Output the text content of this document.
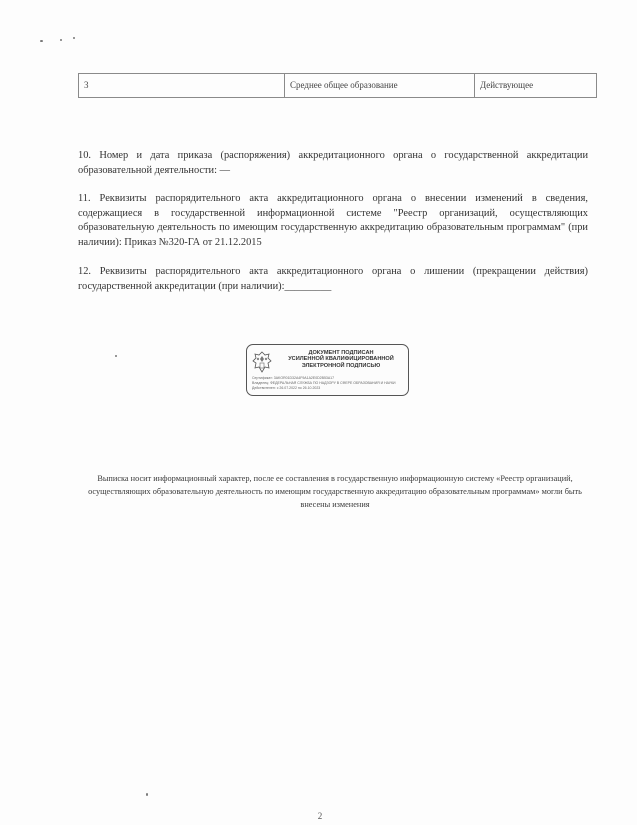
3	Среднее общее образование	Действующее
10. Номер и дата приказа (распоряжения) аккредитационного органа о государственной аккредитации образовательной деятельности: —
11. Реквизиты распорядительного акта аккредитационного органа о внесении изменений в сведения, содержащиеся в государственной информационной системе "Реестр организаций, осуществляющих образовательную деятельность по имеющим государственную аккредитацию образовательным программам" (при наличии): Приказ №320-ГА от 21.12.2015
12. Реквизиты распорядительного акта аккредитационного органа о лишении (прекращении действия) государственной аккредитации (при наличии):_________
ДОКУМЕНТ ПОДПИСАН
УСИЛЕННОЙ КВАЛИФИЦИРОВАННОЙ
ЭЛЕКТРОННОЙ ПОДПИСЬЮ
Сертификат: 3AKOR01D32A4F9A1A2E0D2B53A17
Владелец: ФЕДЕРАЛЬНАЯ СЛУЖБА ПО НАДЗОРУ В СФЕРЕ ОБРАЗОВАНИЯ И НАУКИ
Действителен: с 26.07.2022 по 26.10.2023
Выписка носит информационный характер, после ее составления в государственную информационную систему «Реестр организаций, осуществляющих образовательную деятельность по имеющим государственную аккредитацию образовательным программам» могли быть внесены изменения
2
